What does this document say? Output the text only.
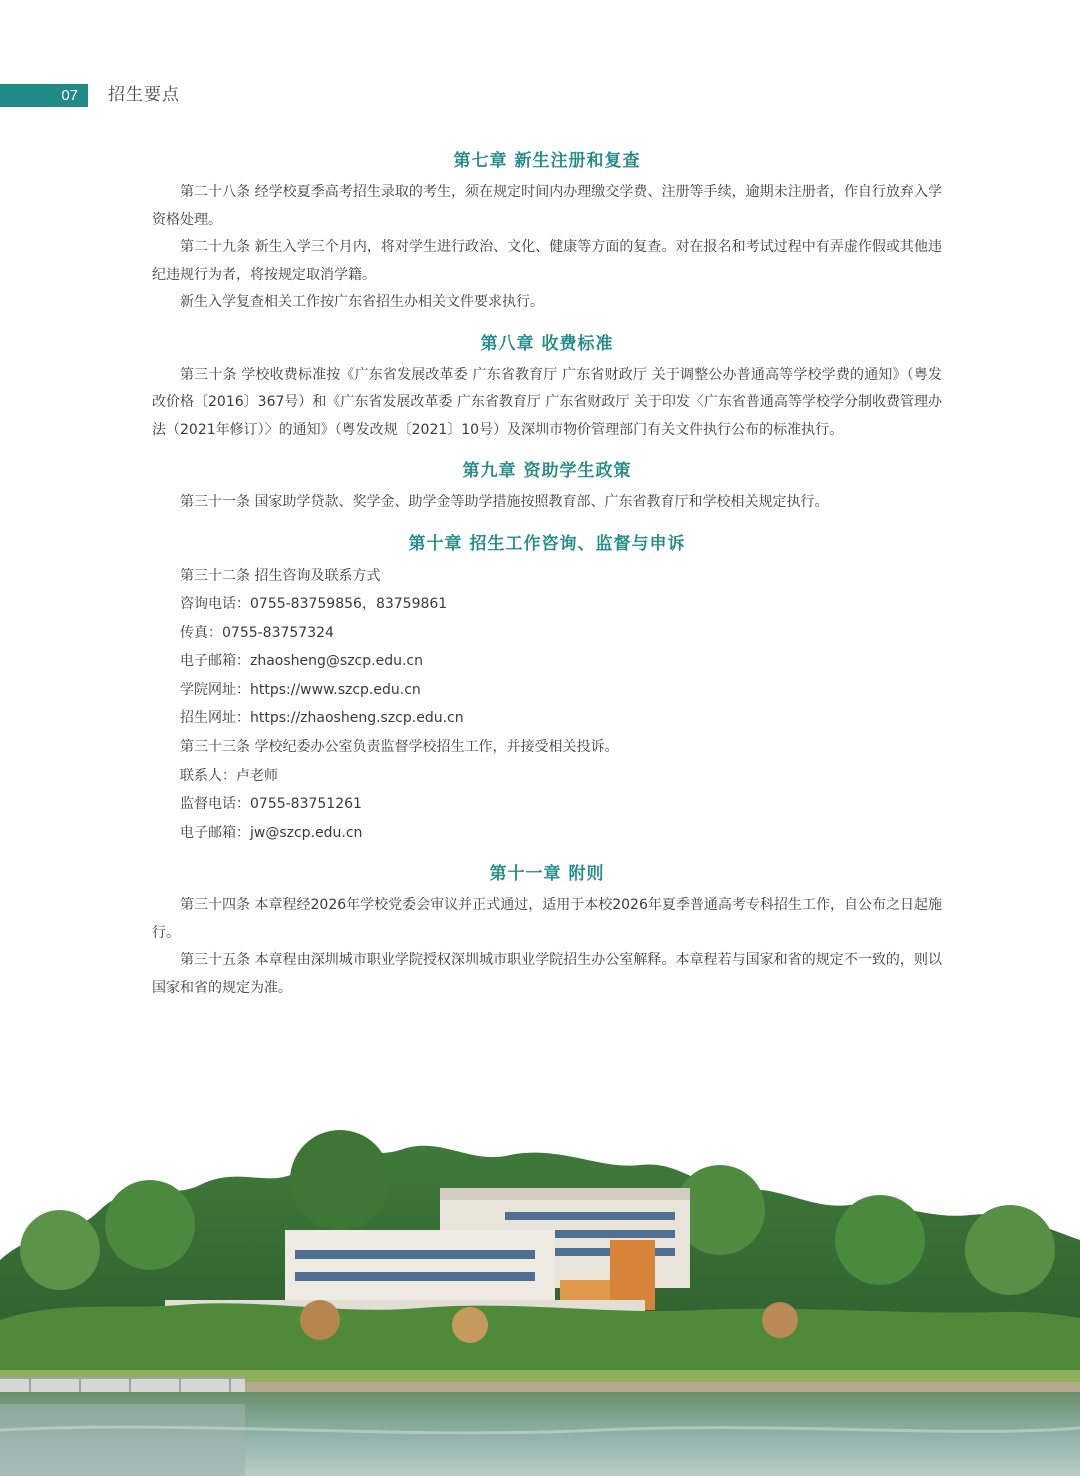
07 招生要点
第七章 新生注册和复查

第二十八条 经学校夏季高考招生录取的考生，须在规定时间内办理缴交学费、注册等手续，逾期未注册者，作自行放弃入学资格处理。

第二十九条 新生入学三个月内，将对学生进行政治、文化、健康等方面的复查。对在报名和考试过程中有弄虚作假或其他违纪违规行为者，将按规定取消学籍。

新生入学复查相关工作按广东省招生办相关文件要求执行。

第八章 收费标准

第三十条 学校收费标准按《广东省发展改革委 广东省教育厅 广东省财政厅 关于调整公办普通高等学校学费的通知》（粤发改价格〔2016〕367号）和《广东省发展改革委 广东省教育厅 广东省财政厅 关于印发〈广东省普通高等学校学分制收费管理办法（2021年修订）〉的通知》（粤发改规〔2021〕10号）及深圳市物价管理部门有关文件执行公布的标准执行。

第九章 资助学生政策

第三十一条 国家助学贷款、奖学金、助学金等助学措施按照教育部、广东省教育厅和学校相关规定执行。

第十章 招生工作咨询、监督与申诉

第三十二条 招生咨询及联系方式

咨询电话：0755-83759856，83759861

传真：0755-83757324

电子邮箱：zhaosheng@szcp.edu.cn

学院网址：https://www.szcp.edu.cn

招生网址：https://zhaosheng.szcp.edu.cn

第三十三条 学校纪委办公室负责监督学校招生工作，并接受相关投诉。

联系人：卢老师

监督电话：0755-83751261

电子邮箱：jw@szcp.edu.cn

第十一章 附则

第三十四条 本章程经2026年学校党委会审议并正式通过，适用于本校2026年夏季普通高考专科招生工作，自公布之日起施行。

第三十五条 本章程由深圳城市职业学院授权深圳城市职业学院招生办公室解释。本章程若与国家和省的规定不一致的，则以国家和省的规定为准。
